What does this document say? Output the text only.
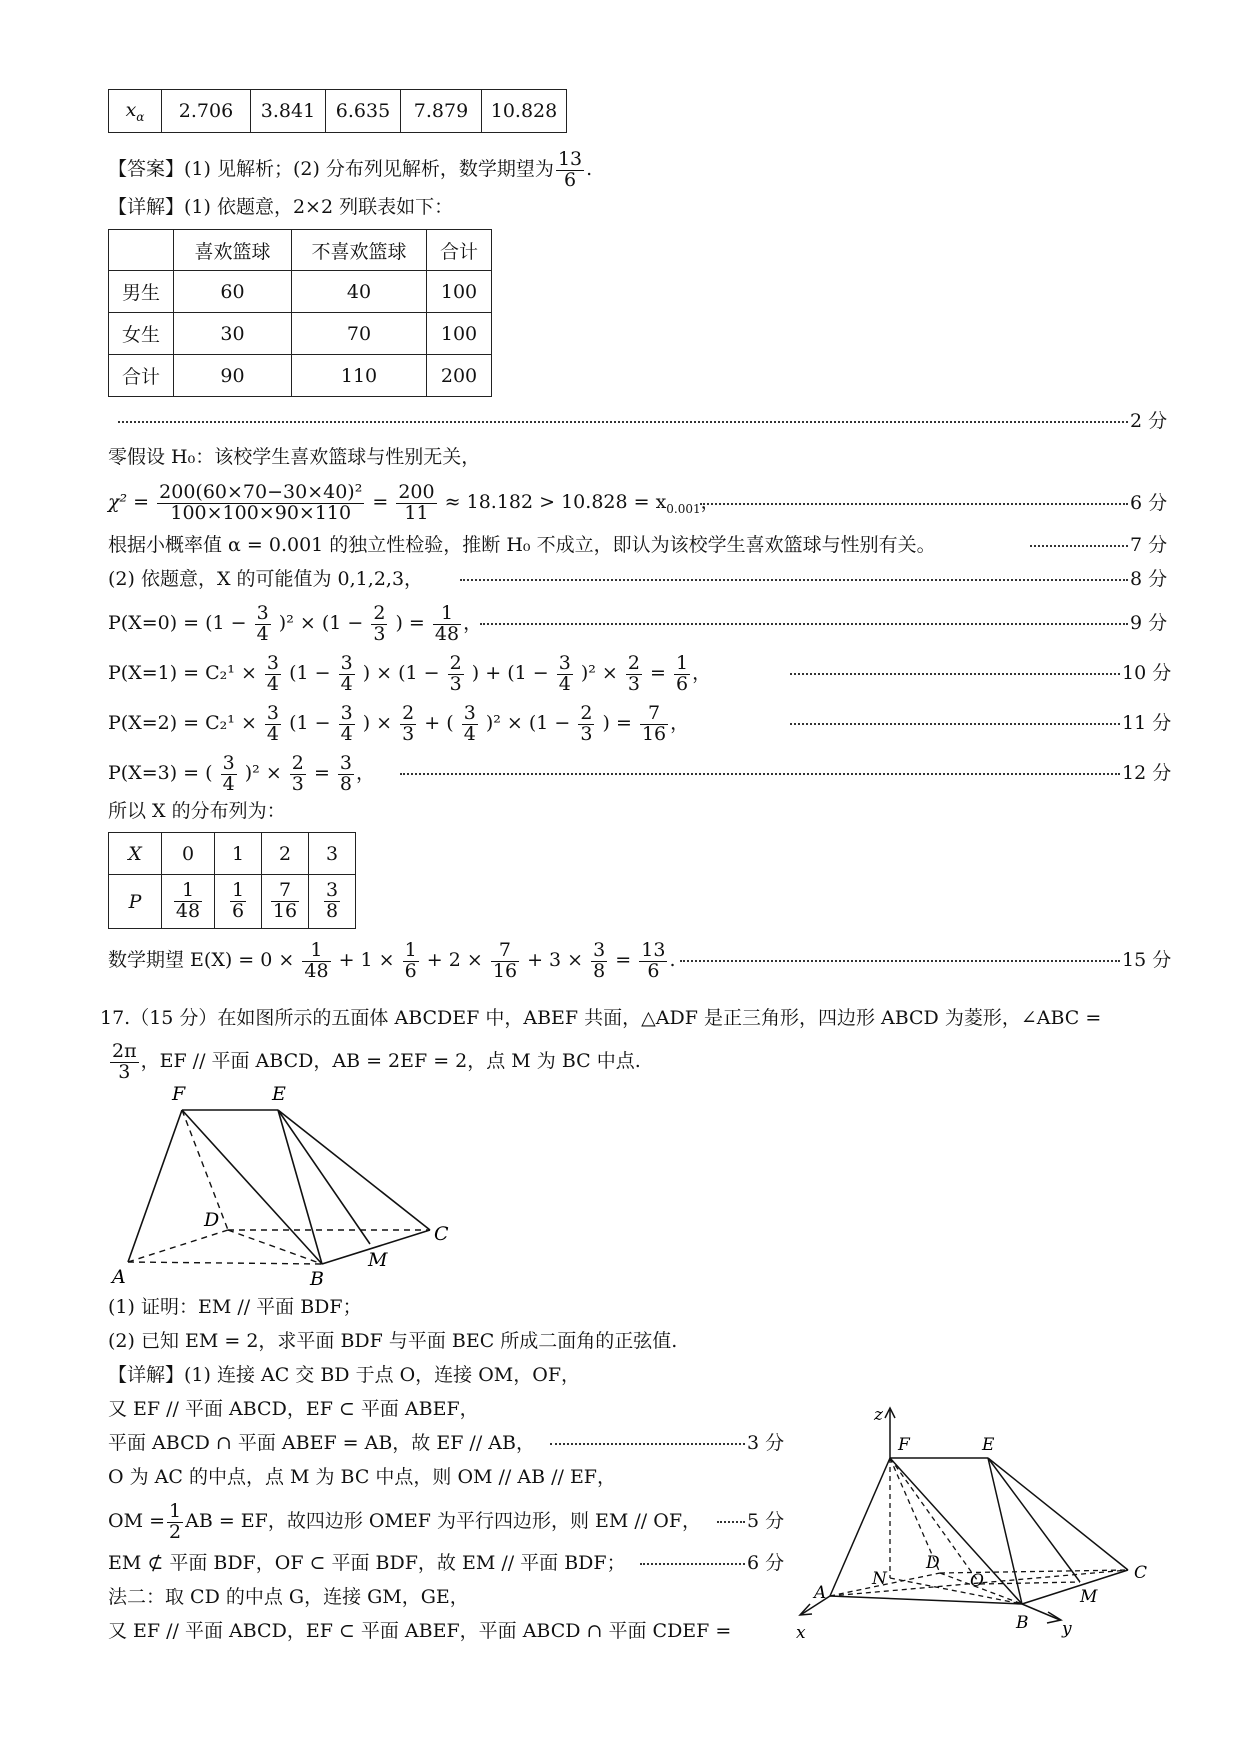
$x_\alpha$	2.706	3.841	6.635	7.879	10.828
【答案】(1) 见解析；(2) 分布列见解析，数学期望为 $\frac{13}{6}$ .
【详解】(1) 依题意，2×2 列联表如下：
	喜欢篮球	不喜欢篮球	合计
男生	60	40	100
女生	30	70	100
合计	90	110	200
2 分
零假设 H₀：该校学生喜欢篮球与性别无关，
$\chi^2 = \frac{\text{200(60×70−30×40)²}}{100\times 100\times 90\times 110} = \frac{200}{11} \approx 18.182 > 10.828 = x_{0.001}$，	6 分
根据小概率值 α = 0.001 的独立性检验，推断 H₀ 不成立，即认为该校学生喜欢篮球与性别有关。	7 分
(2) 依题意，X 的可能值为 0,1,2,3，	8 分
$P(X=0) = (1 - \frac{3}{4} )^2 \times (1 - \frac{2}{3}$ ) = $\frac{1}{48}$ ，	9 分
$P(X=1) = C_2^1 \times \frac{3}{4} (1 - \frac{3}{4}$ ) × ($1 - \frac{2}{3}$ ) + $(1 - \frac{3}{4} )^2 \times \frac{2}{3} = \frac{1}{6}$ ，	10 分
$P(X=2) = C_2^1 \times \frac{3}{4} (1 - \frac{3}{4}$ ) × $\frac{2}{3}$ + ( $\frac{3}{4} )^2 \times (1 - \frac{2}{3}$ ) = $\frac{7}{16}$ ，	11 分
P(X=3) = ( $\frac{3}{4} )^2 \times \frac{2}{3} = \frac{3}{8}$ ，	12 分
所以 X 的分布列为：
X	0	1	2	3
P	$\frac{1}{48}$	$\frac{1}{6}$	$\frac{7}{16}$	$\frac{3}{8}$
数学期望 $E(X) = 0 \times \frac{1}{48} + 1 \times \frac{1}{6} + 2 \times \frac{7}{16} + 3 \times \frac{3}{8} = \frac{13}{6}$ .	15 分
17.（15 分）在如图所示的五面体 ABCDEF 中，ABEF 共面，△ADF 是正三角形，四边形 ABCD 为菱形，∠ABC =
$\frac{2\pi}{3}$ ，EF // 平面 ABCD，AB = 2EF = 2，点 M 为 BC 中点.
F	E
D
C
A	B
M
(1) 证明：EM // 平面 BDF；
(2) 已知 EM = 2，求平面 BDF 与平面 BEC 所成二面角的正弦值.
【详解】(1) 连接 AC 交 BD 于点 O，连接 OM，OF，
又 EF // 平面 ABCD，EF ⊂ 平面 ABEF，
平面 ABCD ∩ 平面 ABEF = AB，故 EF // AB，	3 分
O 为 AC 的中点，点 M 为 BC 中点，则 OM // AB // EF，
OM = $\frac{1}{2}$ AB = EF，故四边形 OMEF 为平行四边形，则 EM // OF， 5 分
EM ⊄ 平面 BDF，OF ⊂ 平面 BDF，故 EM // 平面 BDF；	6 分
法二：取 CD 的中点 G，连接 GM，GE，
又 EF // 平面 ABCD，EF ⊂ 平面 ABEF，平面 ABCD ∩ 平面 CDEF =
z
F	E
N
D
O	C
A	M
B
x	y
